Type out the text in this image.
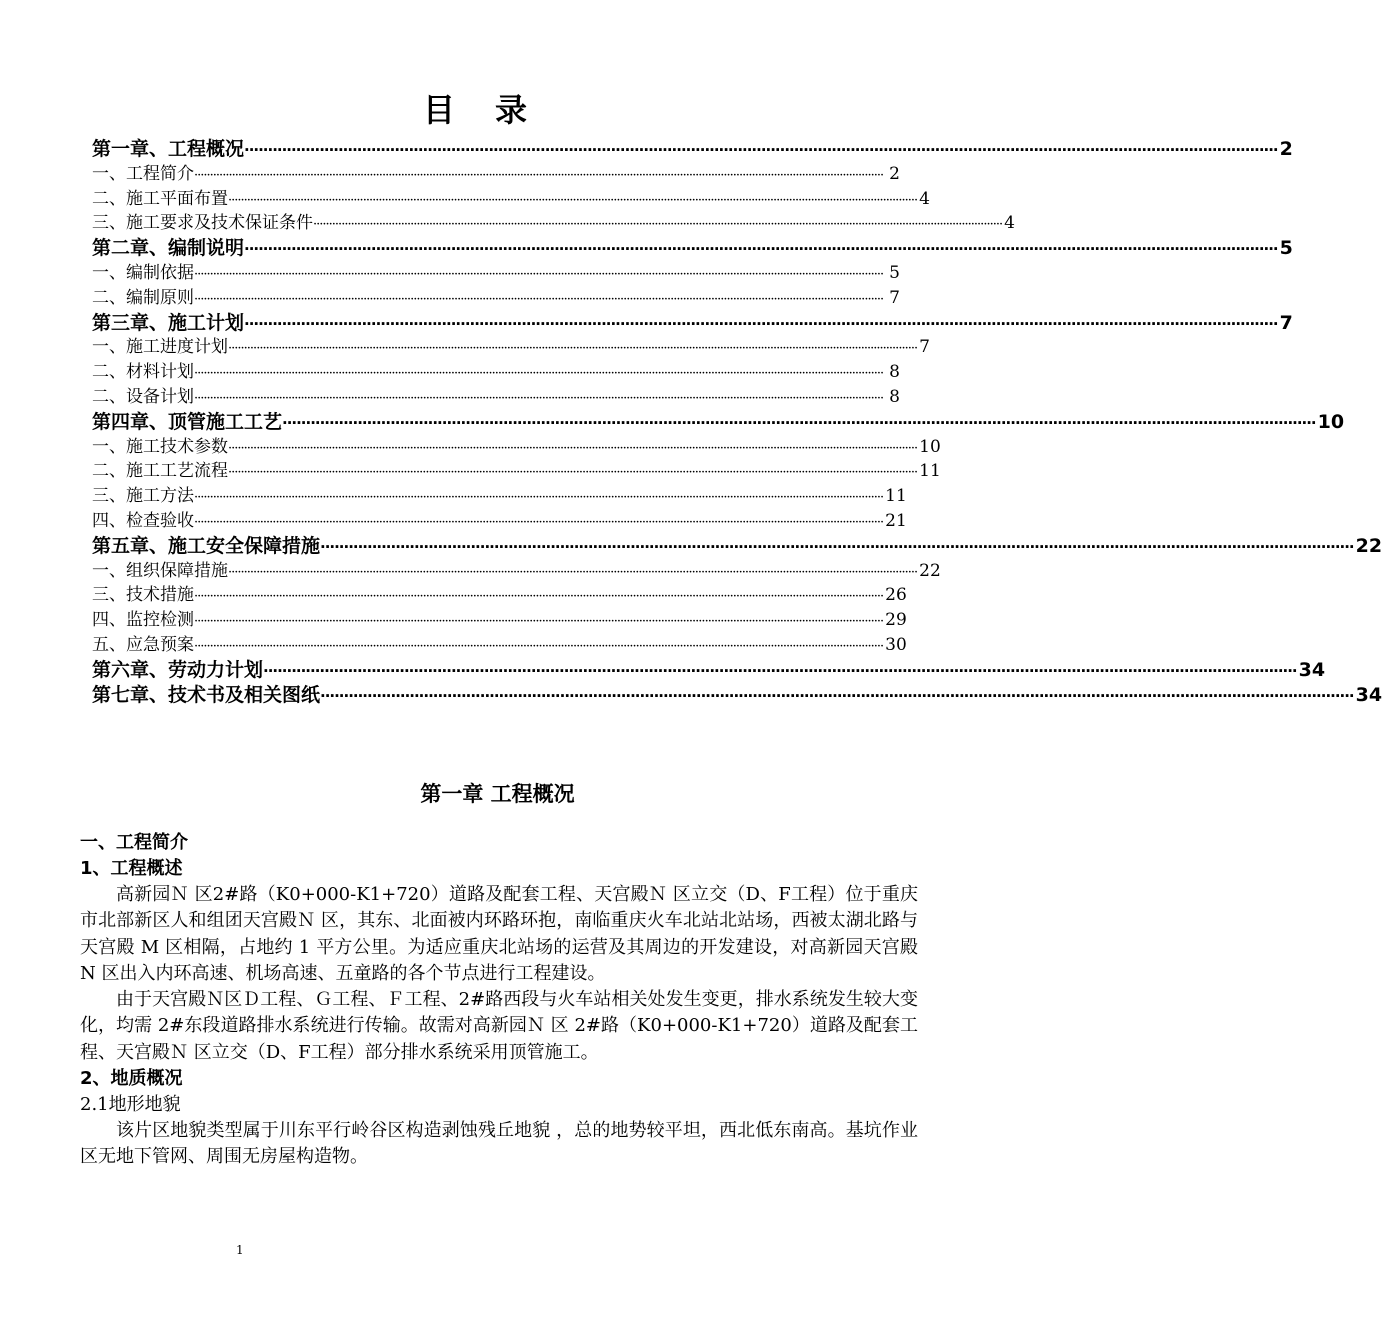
目录
第一章、工程概况 ···························································································································································································································· 2
一、工程简介 ···························································································································································································································· 2
二、施工平面布置 ···························································································································································································································· 4
三、施工要求及技术保证条件 ···························································································································································································································· 4
第二章、编制说明 ···························································································································································································································· 5
一、编制依据 ···························································································································································································································· 5
二、编制原则 ···························································································································································································································· 7
第三章、施工计划 ···························································································································································································································· 7
一、施工进度计划 ···························································································································································································································· 7
二、材料计划 ···························································································································································································································· 8
二、设备计划 ···························································································································································································································· 8
第四章、顶管施工工艺 ···························································································································································································································· 10
一、施工技术参数 ···························································································································································································································· 10
二、施工工艺流程 ···························································································································································································································· 11
三、施工方法 ···························································································································································································································· 11
四、检查验收 ···························································································································································································································· 21
第五章、施工安全保障措施 ···························································································································································································································· 22
一、组织保障措施 ···························································································································································································································· 22
三、技术措施 ···························································································································································································································· 26
四、监控检测 ···························································································································································································································· 29
五、应急预案 ···························································································································································································································· 30
第六章、劳动力计划 ···························································································································································································································· 34
第七章、技术书及相关图纸 ···························································································································································································································· 34
第一章 工程概况
一、工程简介
1、工程概述

高新园Ｎ 区2#路（K0+000-K1+720）道路及配套工程、天宫殿Ｎ 区立交（D、F工程）位于重庆市北部新区人和组团天宫殿Ｎ 区，其东、北面被内环路环抱，南临重庆火车北站北站场，西被太湖北路与天宫殿 M 区相隔，占地约 1 平方公里。为适应重庆北站场的运营及其周边的开发建设，对高新园天宫殿 N 区出入内环高速、机场高速、五童路的各个节点进行工程建设。

由于天宫殿Ｎ区Ｄ工程、Ｇ工程、Ｆ工程、2#路西段与火车站相关处发生变更，排水系统发生较大变化，均需 2#东段道路排水系统进行传输。故需对高新园Ｎ 区 2#路（K0+000-K1+720）道路及配套工程、天宫殿Ｎ 区立交（D、F工程）部分排水系统采用顶管施工。

2、地质概况
2.1地形地貌

该片区地貌类型属于川东平行岭谷区构造剥蚀残丘地貌 ，总的地势较平坦，西北低东南高。基坑作业区无地下管网、周围无房屋构造物。

1
